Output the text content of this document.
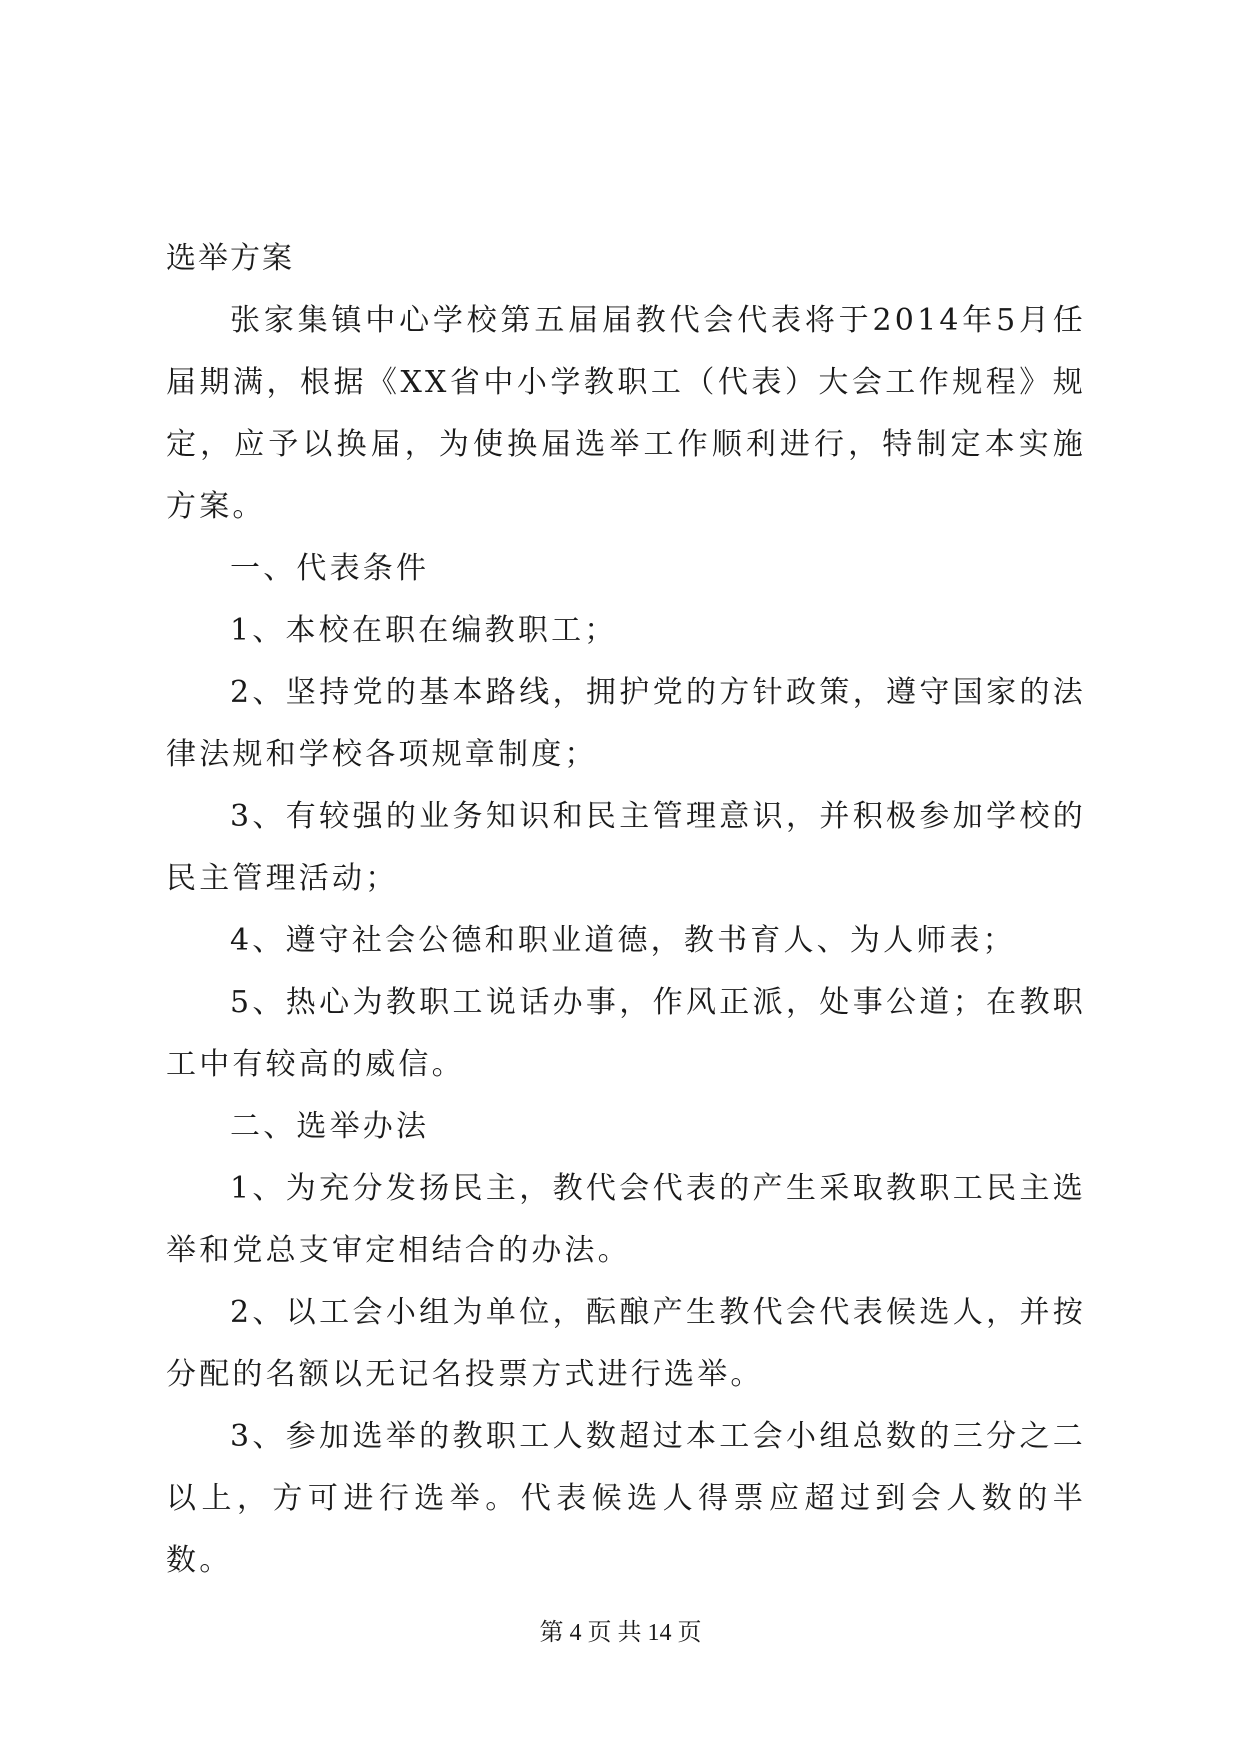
选举方案

张家集镇中心学校第五届届教代会代表将于2014年5月任届期满，根据《XX省中小学教职工（代表）大会工作规程》规定，应予以换届，为使换届选举工作顺利进行，特制定本实施方案。

一、代表条件

1、本校在职在编教职工；

2、坚持党的基本路线，拥护党的方针政策，遵守国家的法律法规和学校各项规章制度；

3、有较强的业务知识和民主管理意识，并积极参加学校的民主管理活动；

4、遵守社会公德和职业道德，教书育人、为人师表；

5、热心为教职工说话办事，作风正派，处事公道；在教职工中有较高的威信。

二、选举办法

1、为充分发扬民主，教代会代表的产生采取教职工民主选举和党总支审定相结合的办法。

2、以工会小组为单位，酝酿产生教代会代表候选人，并按分配的名额以无记名投票方式进行选举。

3、参加选举的教职工人数超过本工会小组总数的三分之二以上，方可进行选举。代表候选人得票应超过到会人数的半数。

第 4 页 共 14 页
